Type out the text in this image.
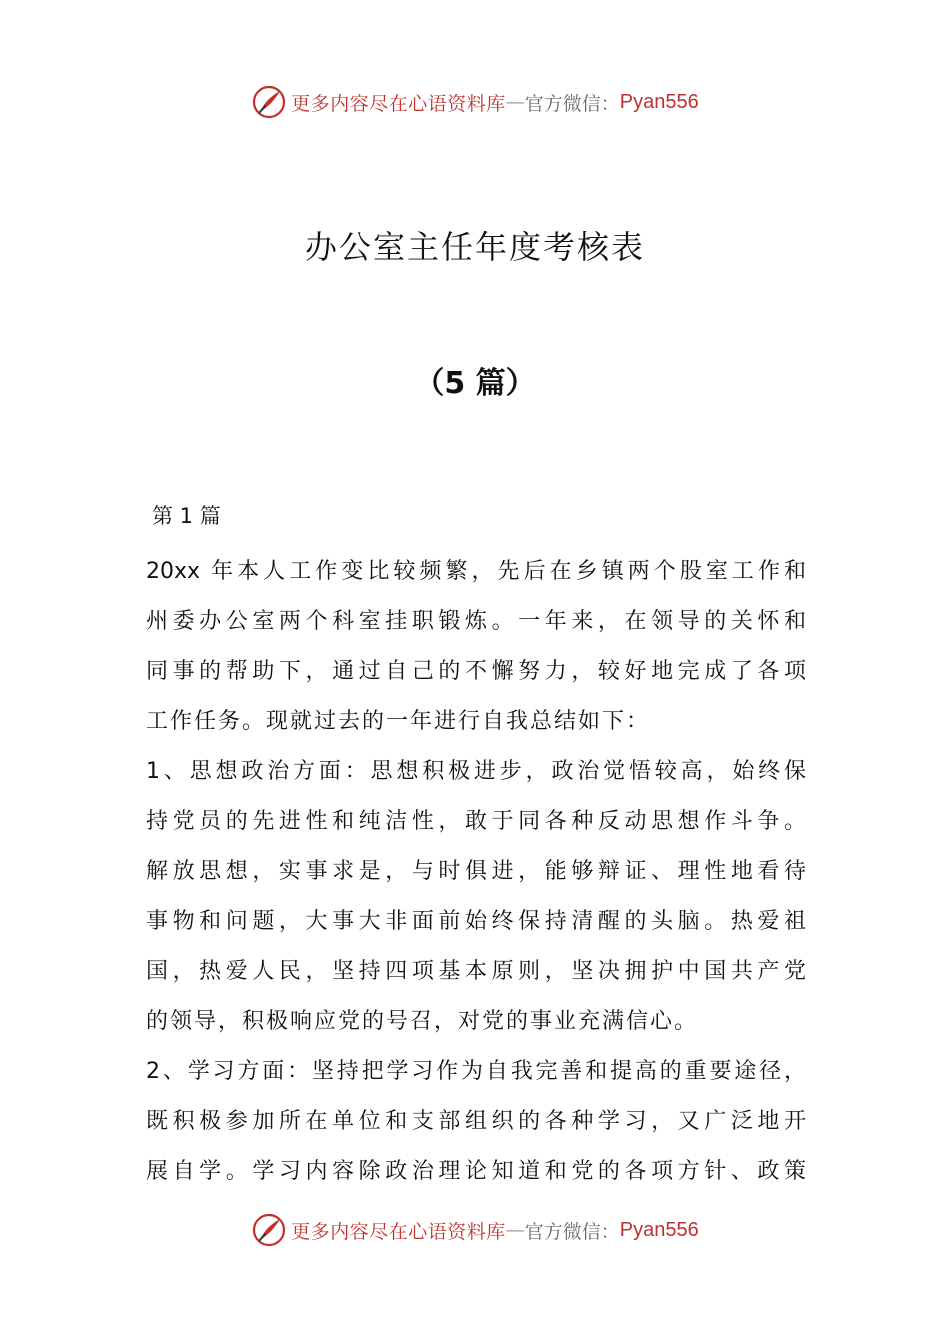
更多内容尽在心语资料库 — 官方微信： Pyan556
办公室主任年度考核表
（5 篇）
第 1 篇
20xx 年本人工作变比较频繁，先后在乡镇两个股室工作和
州委办公室两个科室挂职锻炼。一年来，在领导的关怀和
同事的帮助下，通过自己的不懈努力，较好地完成了各项
工作任务。现就过去的一年进行自我总结如下：
1、思想政治方面：思想积极进步，政治觉悟较高，始终保
持党员的先进性和纯洁性，敢于同各种反动思想作斗争。
解放思想，实事求是，与时俱进，能够辩证、理性地看待
事物和问题，大事大非面前始终保持清醒的头脑。热爱祖
国，热爱人民，坚持四项基本原则，坚决拥护中国共产党
的领导，积极响应党的号召，对党的事业充满信心。
2、学习方面：坚持把学习作为自我完善和提高的重要途径，
既积极参加所在单位和支部组织的各种学习，又广泛地开
展自学。学习内容除政治理论知道和党的各项方针、政策
更多内容尽在心语资料库 — 官方微信： Pyan556
